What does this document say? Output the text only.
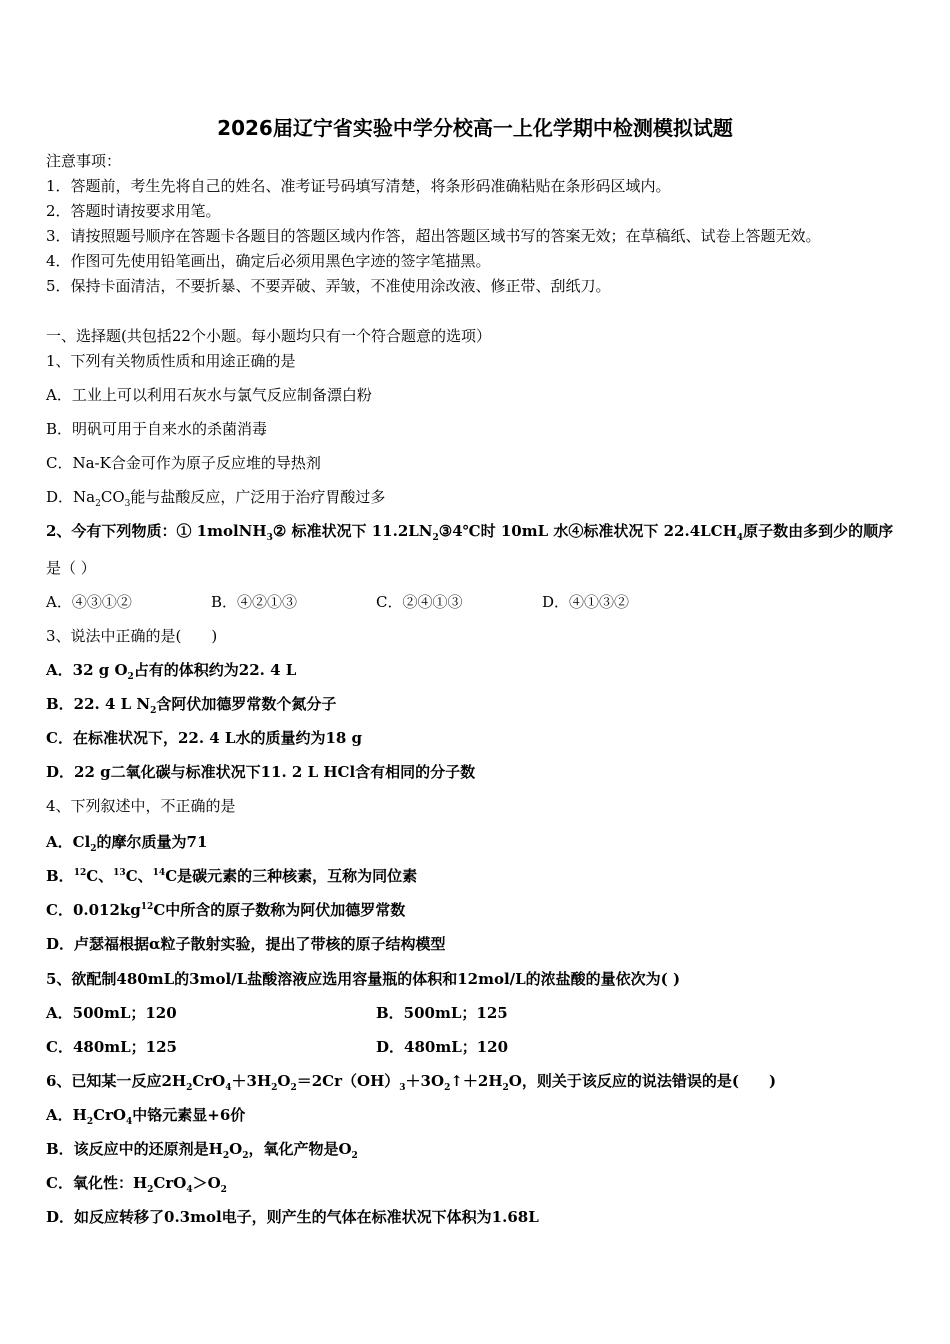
2026届辽宁省实验中学分校高一上化学期中检测模拟试题
注意事项：
1．答题前，考生先将自己的姓名、准考证号码填写清楚，将条形码准确粘贴在条形码区域内。
2．答题时请按要求用笔。
3．请按照题号顺序在答题卡各题目的答题区域内作答，超出答题区域书写的答案无效；在草稿纸、试卷上答题无效。
4．作图可先使用铅笔画出，确定后必须用黑色字迹的签字笔描黑。
5．保持卡面清洁，不要折暴、不要弄破、弄皱，不准使用涂改液、修正带、刮纸刀。
一、选择题(共包括22个小题。每小题均只有一个符合题意的选项）
1、下列有关物质性质和用途正确的是
A．工业上可以利用石灰水与氯气反应制备漂白粉
B．明矾可用于自来水的杀菌消毒
C．Na-K合金可作为原子反应堆的导热剂
D．$Na_2CO_3$能与盐酸反应，广泛用于治疗胃酸过多
2、今有下列物质：① 1molNH$_3$② 标准状况下 $11.2LN_2③4℃$时 10mL 水④标准状况下 $22.4LCH_4$原子数由多到少的顺序
是（ ）
A．④③①②	B．④②①③	C．②④①③	D．④①③②
3、说法中正确的是(　　)
A．32 g $O_2$占有的体积约为22. 4 L
B．22. 4 L $N_2$含阿伏加德罗常数个氮分子
C．在标准状况下，22. 4 L水的质量约为18 g
D．22 g二氧化碳与标准状况下11. 2 L HCl含有相同的分子数
4、下列叙述中，不正确的是
A．$Cl_2$的摩尔质量为71
B．$^{12}$C、$^{13}$C、$^{14}$C是碳元素的三种核素，互称为同位素
C．$0.012kg^{12}C$中所含的原子数称为阿伏加德罗常数
D．卢瑟福根据α粒子散射实验，提出了带核的原子结构模型
5、欲配制480mL的3mol/L盐酸溶液应选用容量瓶的体积和12mol/L的浓盐酸的量依次为( )
A．500mL；120	B．500mL；125
C．480mL；125	D．480mL；120
6、已知某一反应$2H_2CrO_4+3H_2O_2=2Cr(OH)_3+3O_2↑+2H_2O$，则关于该反应的说法错误的是(　　)
A．$H_2CrO_4$中铬元素显+6价
B．该反应中的还原剂是$H_2O_2$，氧化产物是$O_2$
C．氧化性：$H_2CrO_4>O_2$
D．如反应转移了0.3mol电子，则产生的气体在标准状况下体积为1.68L
